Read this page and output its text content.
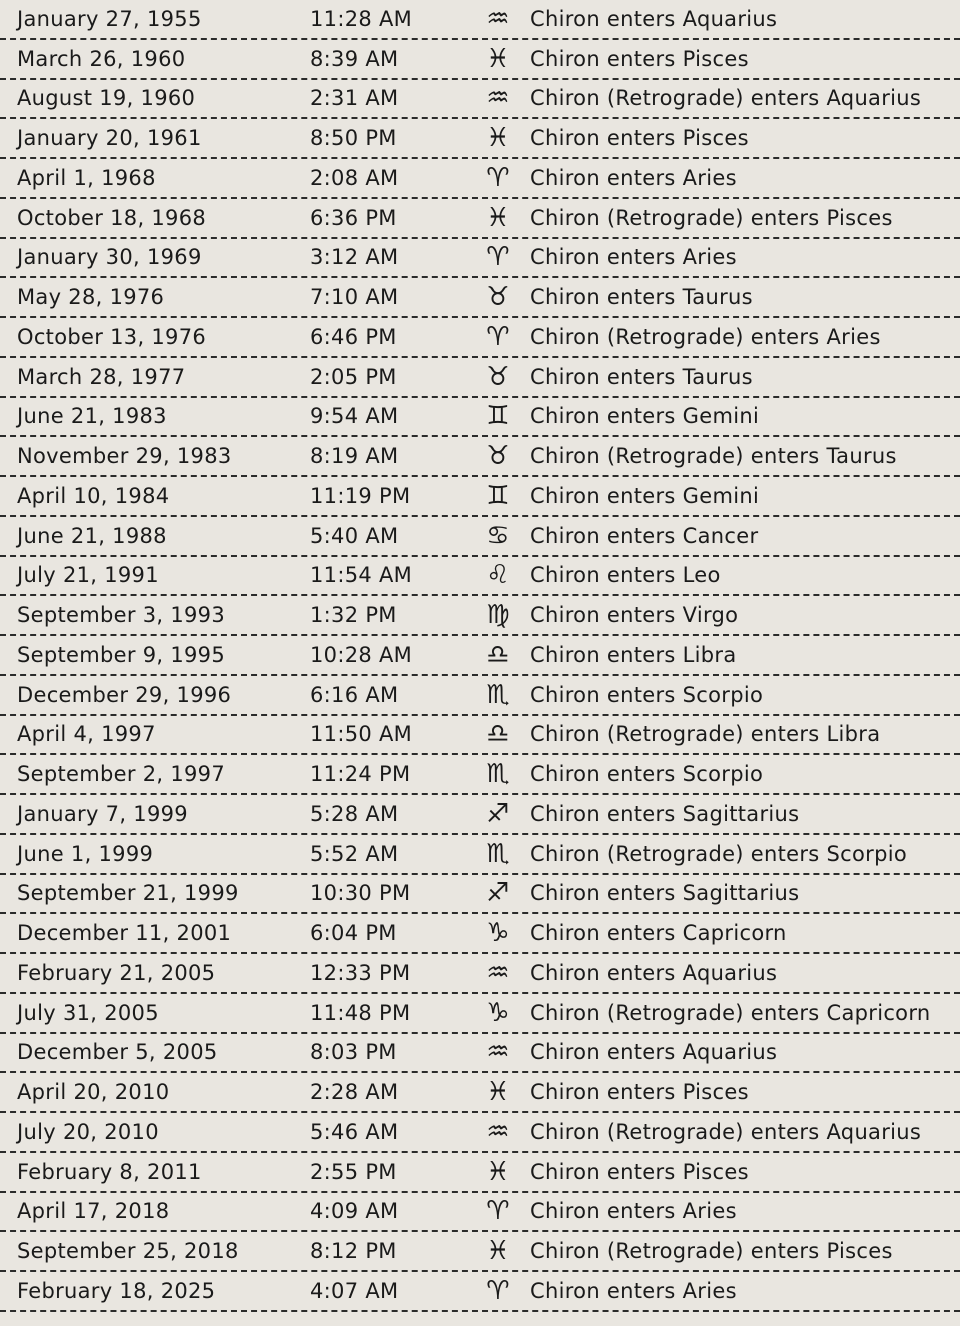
January 27, 1955	11:28 AM	♒︎ Chiron enters Aquarius
March 26, 1960	8:39 AM	♓︎ Chiron enters Pisces
August 19, 1960	2:31 AM	♒︎ Chiron (Retrograde) enters Aquarius
January 20, 1961	8:50 PM	♓︎ Chiron enters Pisces
April 1, 1968	2:08 AM	♈︎ Chiron enters Aries
October 18, 1968	6:36 PM	♓︎ Chiron (Retrograde) enters Pisces
January 30, 1969	3:12 AM	♈︎ Chiron enters Aries
May 28, 1976	7:10 AM	♉︎ Chiron enters Taurus
October 13, 1976	6:46 PM	♈︎ Chiron (Retrograde) enters Aries
March 28, 1977	2:05 PM	♉︎ Chiron enters Taurus
June 21, 1983	9:54 AM	♊︎ Chiron enters Gemini
November 29, 1983	8:19 AM	♉︎ Chiron (Retrograde) enters Taurus
April 10, 1984	11:19 PM	♊︎ Chiron enters Gemini
June 21, 1988	5:40 AM	♋︎ Chiron enters Cancer
July 21, 1991	11:54 AM	♌︎ Chiron enters Leo
September 3, 1993	1:32 PM	♍︎ Chiron enters Virgo
September 9, 1995	10:28 AM	♎︎ Chiron enters Libra
December 29, 1996	6:16 AM	♏︎ Chiron enters Scorpio
April 4, 1997	11:50 AM	♎︎ Chiron (Retrograde) enters Libra
September 2, 1997	11:24 PM	♏︎ Chiron enters Scorpio
January 7, 1999	5:28 AM	♐︎ Chiron enters Sagittarius
June 1, 1999	5:52 AM	♏︎ Chiron (Retrograde) enters Scorpio
September 21, 1999	10:30 PM	♐︎ Chiron enters Sagittarius
December 11, 2001	6:04 PM	♑︎ Chiron enters Capricorn
February 21, 2005	12:33 PM	♒︎ Chiron enters Aquarius
July 31, 2005	11:48 PM	♑︎ Chiron (Retrograde) enters Capricorn
December 5, 2005	8:03 PM	♒︎ Chiron enters Aquarius
April 20, 2010	2:28 AM	♓︎ Chiron enters Pisces
July 20, 2010	5:46 AM	♒︎ Chiron (Retrograde) enters Aquarius
February 8, 2011	2:55 PM	♓︎ Chiron enters Pisces
April 17, 2018	4:09 AM	♈︎ Chiron enters Aries
September 25, 2018	8:12 PM	♓︎ Chiron (Retrograde) enters Pisces
February 18, 2025	4:07 AM	♈︎ Chiron enters Aries
